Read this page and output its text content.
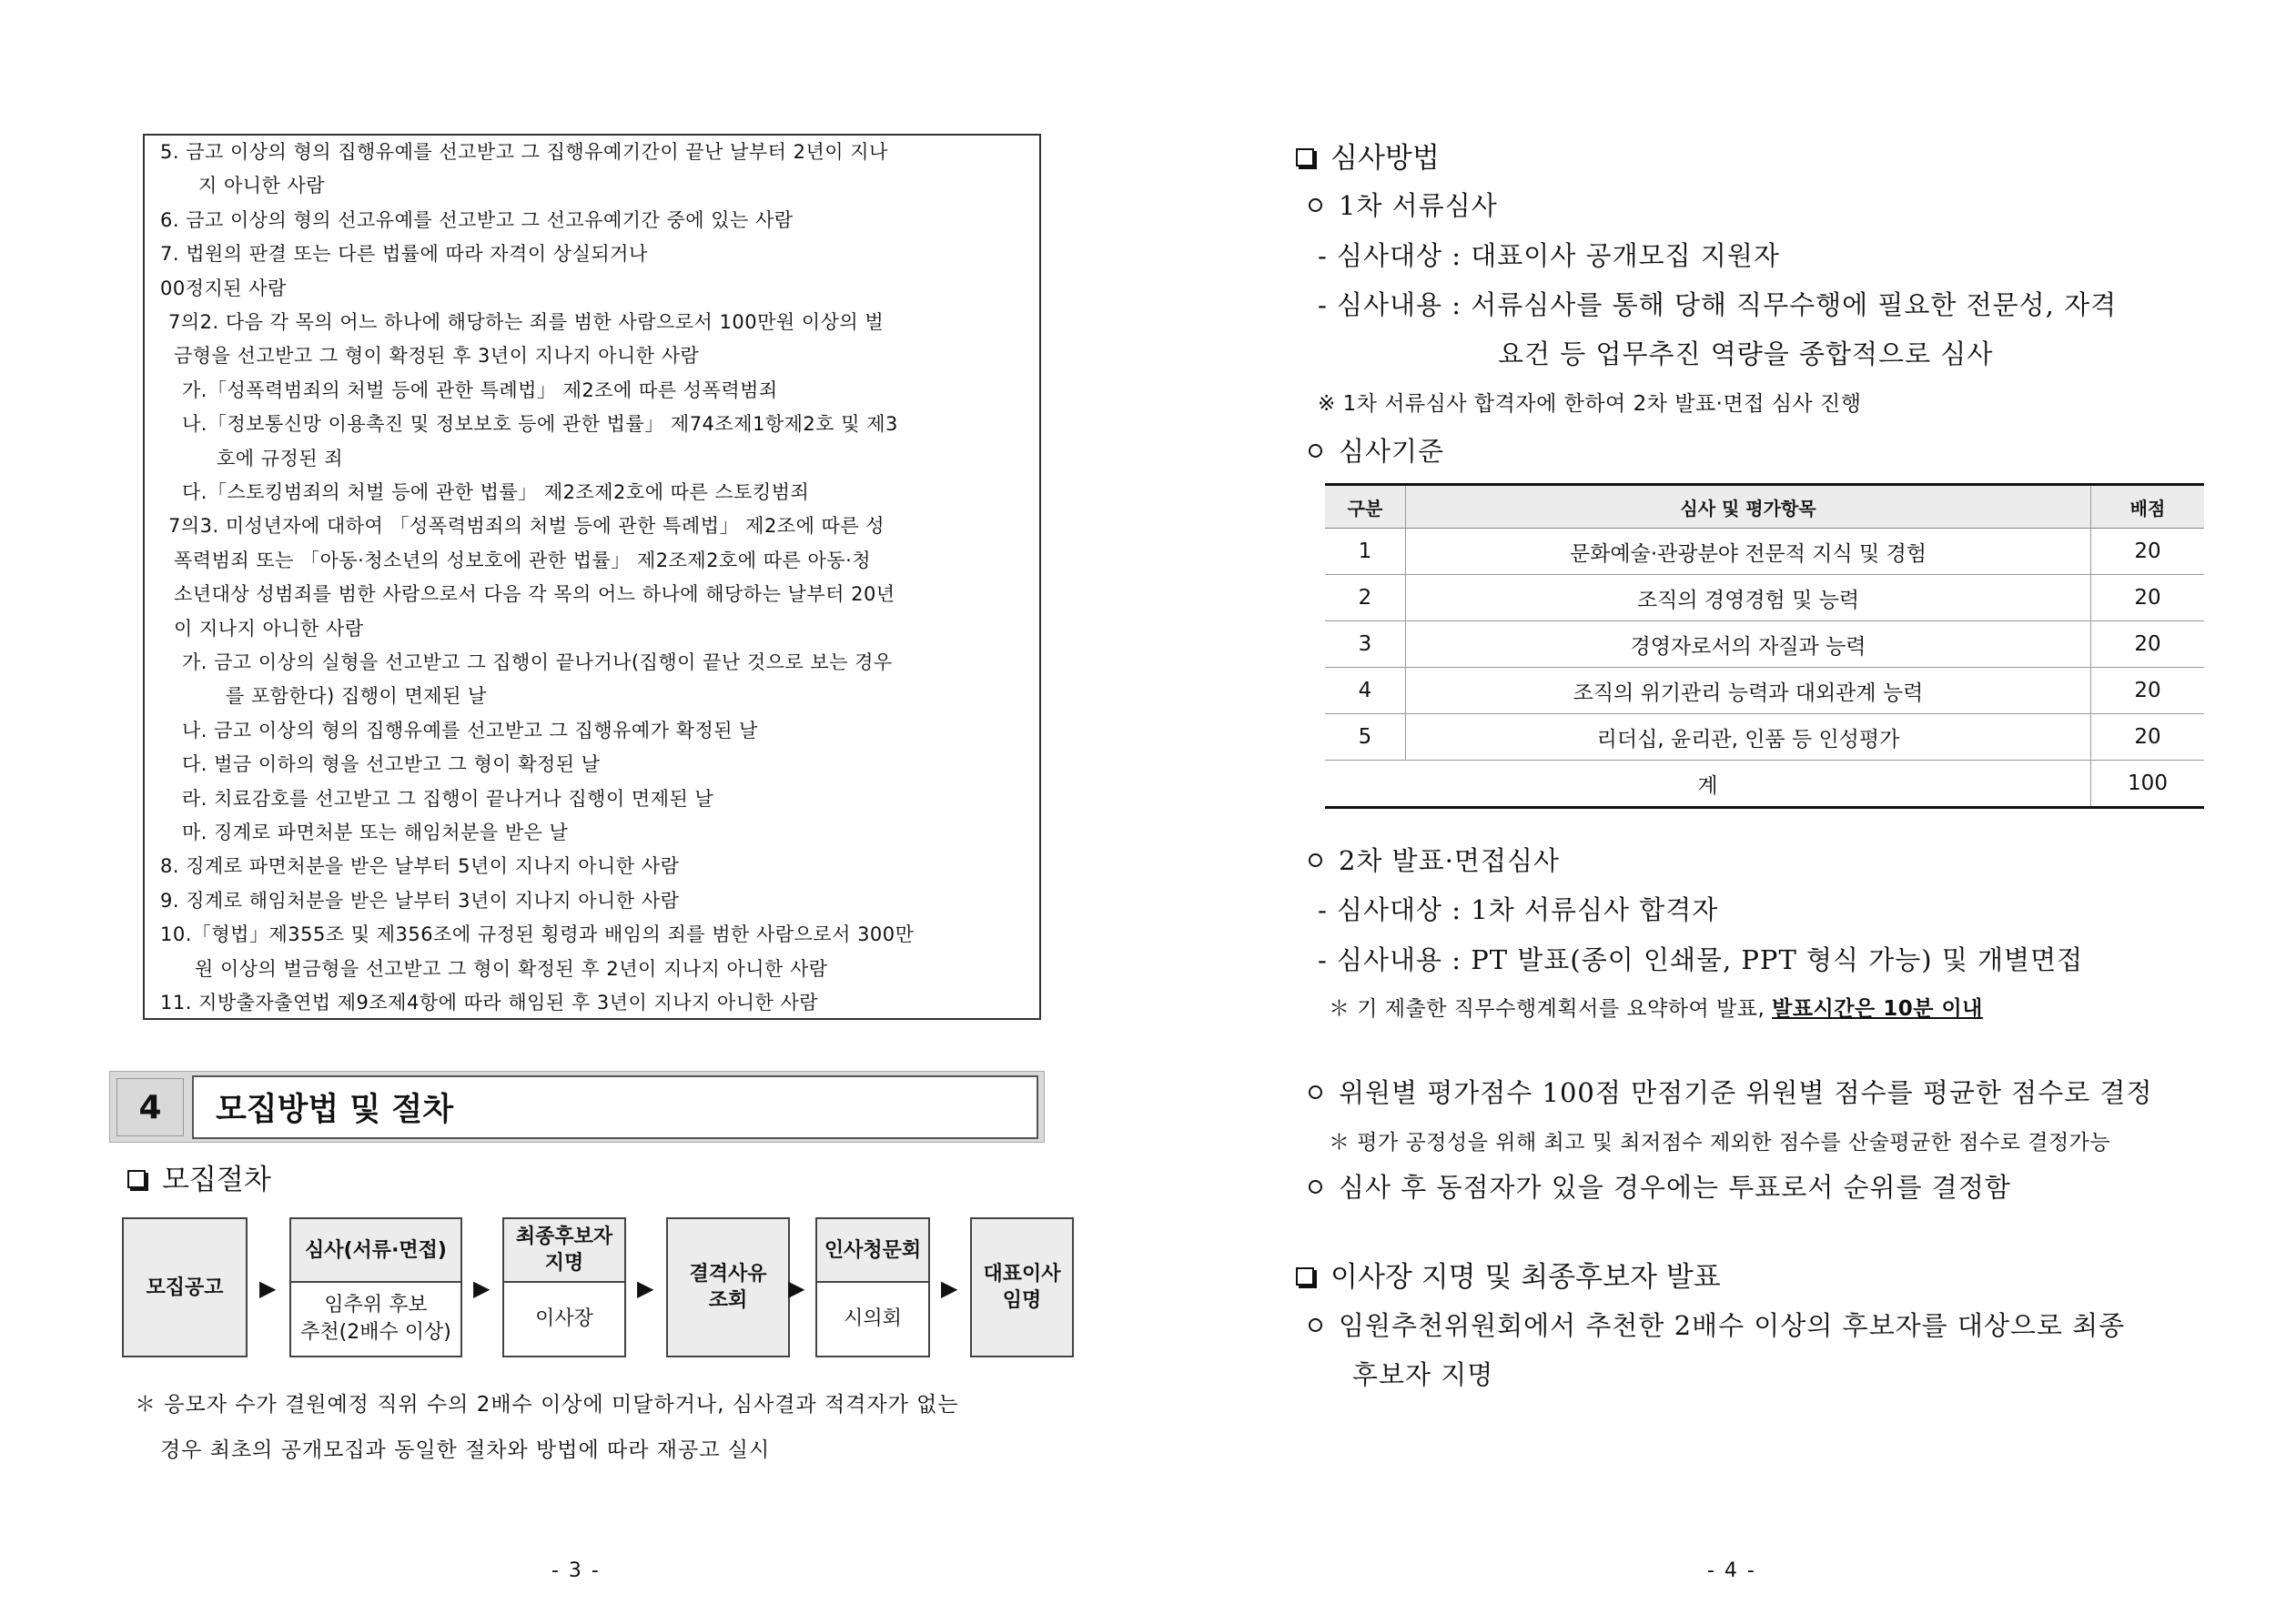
5. 금고 이상의 형의 집행유예를 선고받고 그 집행유예기간이 끝난 날부터 2년이 지나
지 아니한 사람
6. 금고 이상의 형의 선고유예를 선고받고 그 선고유예기간 중에 있는 사람
7. 법원의 판결 또는 다른 법률에 따라 자격이 상실되거나
00정지된 사람
7의2. 다음 각 목의 어느 하나에 해당하는 죄를 범한 사람으로서 100만원 이상의 벌
금형을 선고받고 그 형이 확정된 후 3년이 지나지 아니한 사람
가.「성폭력범죄의 처벌 등에 관한 특례법」 제2조에 따른 성폭력범죄
나.「정보통신망 이용촉진 및 정보보호 등에 관한 법률」 제74조제1항제2호 및 제3
호에 규정된 죄
다.「스토킹범죄의 처벌 등에 관한 법률」 제2조제2호에 따른 스토킹범죄
7의3. 미성년자에 대하여 「성폭력범죄의 처벌 등에 관한 특례법」 제2조에 따른 성
폭력범죄 또는 「아동·청소년의 성보호에 관한 법률」 제2조제2호에 따른 아동·청
소년대상 성범죄를 범한 사람으로서 다음 각 목의 어느 하나에 해당하는 날부터 20년
이 지나지 아니한 사람
가. 금고 이상의 실형을 선고받고 그 집행이 끝나거나(집행이 끝난 것으로 보는 경우
를 포함한다) 집행이 면제된 날
나. 금고 이상의 형의 집행유예를 선고받고 그 집행유예가 확정된 날
다. 벌금 이하의 형을 선고받고 그 형이 확정된 날
라. 치료감호를 선고받고 그 집행이 끝나거나 집행이 면제된 날
마. 징계로 파면처분 또는 해임처분을 받은 날
8. 징계로 파면처분을 받은 날부터 5년이 지나지 아니한 사람
9. 징계로 해임처분을 받은 날부터 3년이 지나지 아니한 사람
10.「형법」제355조 및 제356조에 규정된 횡령과 배임의 죄를 범한 사람으로서 300만
원 이상의 벌금형을 선고받고 그 형이 확정된 후 2년이 지나지 아니한 사람
11. 지방출자출연법 제9조제4항에 따라 해임된 후 3년이 지나지 아니한 사람
4	모집방법 및 절차
모집절차
모집공고	▶
심사(서류·면접)
임추위 후보
추천(2배수 이상)
▶
최종후보자
지명
이사장
▶
결격사유
조회	▶
인사청문회
시의회
▶
대표이사
임명
＊ 응모자 수가 결원예정 직위 수의 2배수 이상에 미달하거나, 심사결과 적격자가 없는
경우 최초의 공개모집과 동일한 절차와 방법에 따라 재공고 실시
- 3 -
심사방법
1차 서류심사
- 심사대상 : 대표이사 공개모집 지원자
- 심사내용 : 서류심사를 통해 당해 직무수행에 필요한 전문성, 자격
요건 등 업무추진 역량을 종합적으로 심사
※ 1차 서류심사 합격자에 한하여 2차 발표·면접 심사 진행
심사기준
구분	심사 및 평가항목	배점
1	문화예술·관광분야 전문적 지식 및 경험	20
2	조직의 경영경험 및 능력	20
3	경영자로서의 자질과 능력	20
4	조직의 위기관리 능력과 대외관계 능력	20
5	리더십, 윤리관, 인품 등 인성평가	20
계		100
2차 발표·면접심사
- 심사대상 : 1차 서류심사 합격자
- 심사내용 : PT 발표(종이 인쇄물, PPT 형식 가능) 및 개별면접
＊ 기 제출한 직무수행계획서를 요약하여 발표, 발표시간은 10분 이내
위원별 평가점수 100점 만점기준 위원별 점수를 평균한 점수로 결정
＊ 평가 공정성을 위해 최고 및 최저점수 제외한 점수를 산술평균한 점수로 결정가능
심사 후 동점자가 있을 경우에는 투표로서 순위를 결정함
이사장 지명 및 최종후보자 발표
임원추천위원회에서 추천한 2배수 이상의 후보자를 대상으로 최종
후보자 지명
- 4 -
